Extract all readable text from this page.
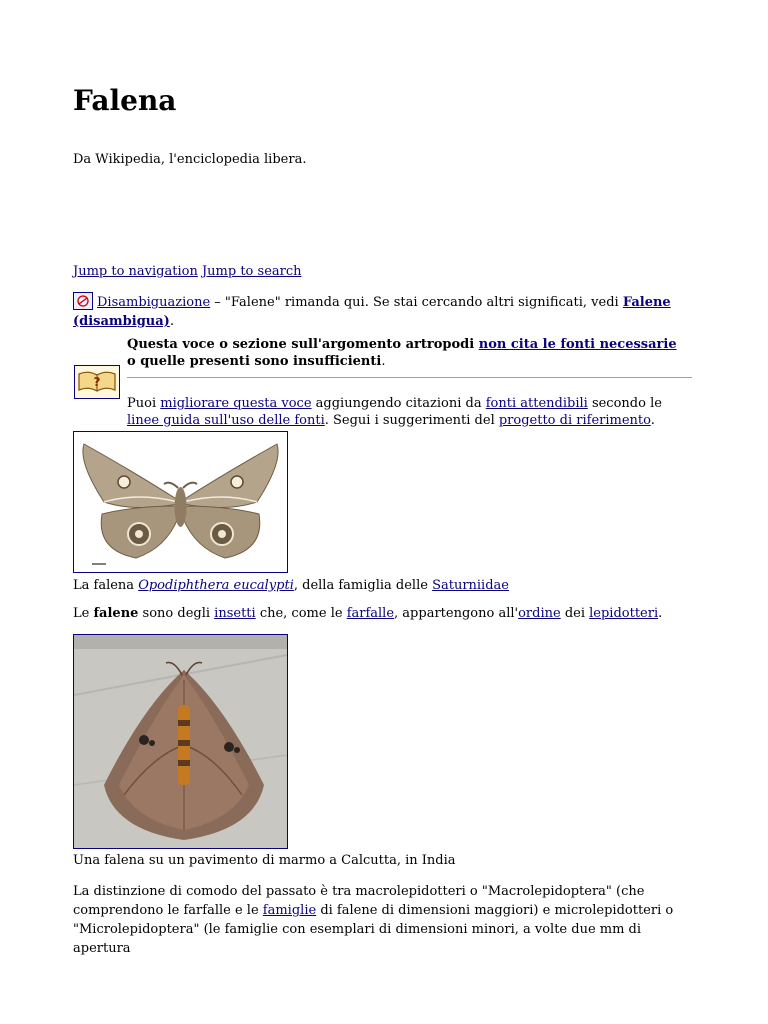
Falena
Da Wikipedia, l'enciclopedia libera.
Jump to navigation Jump to search
Disambiguazione – "Falene" rimanda qui. Se stai cercando altri significati, vedi Falene (disambigua).
?
Questa voce o sezione sull'argomento artropodi non cita le fonti necessarie o quelle presenti sono insufficienti.
Puoi migliorare questa voce aggiungendo citazioni da fonti attendibili secondo le linee guida sull'uso delle fonti. Segui i suggerimenti del progetto di riferimento.
La falena Opodiphthera eucalypti, della famiglia delle Saturniidae
Le falene sono degli insetti che, come le farfalle, appartengono all'ordine dei lepidotteri.
Una falena su un pavimento di marmo a Calcutta, in India
La distinzione di comodo del passato è tra macrolepidotteri o "Macrolepidoptera" (che comprendono le farfalle e le famiglie di falene di dimensioni maggiori) e microlepidotteri o "Microlepidoptera" (le famiglie con esemplari di dimensioni minori, a volte due mm di apertura
